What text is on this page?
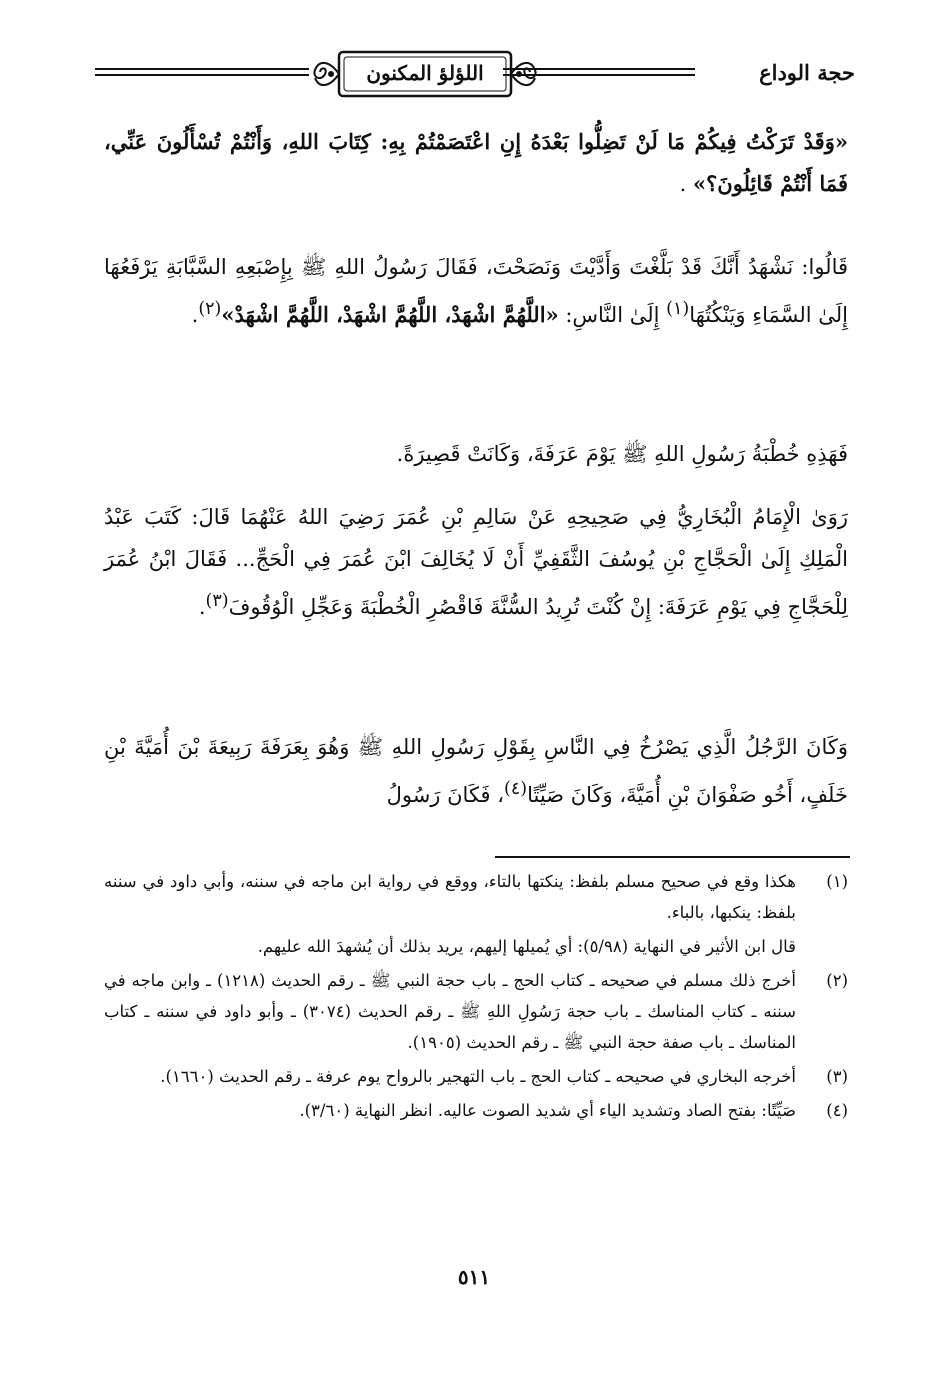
حجة الوداع
اللؤلؤ المكنون

«وَقَدْ تَرَكْتُ فِيكُمْ مَا لَنْ تَضِلُّوا بَعْدَهُ إِنِ اعْتَصَمْتُمْ بِهِ: كِتَابَ اللهِ، وَأَنْتُمْ تُسْأَلُونَ عَنِّي، فَمَا أَنْتُمْ قَائِلُونَ؟» .

قَالُوا: نَشْهَدُ أَنَّكَ قَدْ بَلَّغْتَ وَأَدَّيْتَ وَنَصَحْتَ، فَقَالَ رَسُولُ اللهِ ﷺ بِإِصْبَعِهِ السَّبَّابَةِ يَرْفَعُهَا إِلَىٰ السَّمَاءِ وَيَنْكُتُهَا$^{(١)}$ إِلَىٰ النَّاسِ: «اللَّهُمَّ اشْهَدْ، اللَّهُمَّ اشْهَدْ، اللَّهُمَّ اشْهَدْ»$^{(٢)}$.

فَهَذِهِ خُطْبَةُ رَسُولِ اللهِ ﷺ يَوْمَ عَرَفَةَ، وَكَانَتْ قَصِيرَةً.

رَوَىٰ الْإِمَامُ الْبُخَارِيُّ فِي صَحِيحِهِ عَنْ سَالِمِ بْنِ عُمَرَ رَضِيَ اللهُ عَنْهُمَا قَالَ: كَتَبَ عَبْدُ الْمَلِكِ إِلَىٰ الْحَجَّاجِ بْنِ يُوسُفَ الثَّقَفِيِّ أَنْ لَا يُخَالِفَ ابْنَ عُمَرَ فِي الْحَجِّ... فَقَالَ ابْنُ عُمَرَ لِلْحَجَّاجِ فِي يَوْمِ عَرَفَةَ: إِنْ كُنْتَ تُرِيدُ السُّنَّةَ فَاقْصُرِ الْخُطْبَةَ وَعَجِّلِ الْوُقُوفَ$^{(٣)}$.

وَكَانَ الرَّجُلُ الَّذِي يَصْرُخُ فِي النَّاسِ بِقَوْلِ رَسُولِ اللهِ ﷺ وَهُوَ بِعَرَفَةَ رَبِيعَةَ بْنَ أُمَيَّةَ بْنِ خَلَفٍ، أَخُو صَفْوَانَ بْنِ أُمَيَّةَ، وَكَانَ صَيِّتًا$^{(٤)}$، فَكَانَ رَسُولُ

(١)
هكذا وقع في صحيح مسلم بلفظ: ينكتها بالتاء، ووقع في رواية ابن ماجه في سننه، وأبي داود في سننه بلفظ: ينكبها، بالباء.
قال ابن الأثير في النهاية (٥/٩٨): أي يُميلها إليهم، يريد بذلك أن يُشهدَ الله عليهم.
(٢)
أخرج ذلك مسلم في صحيحه ـ كتاب الحج ـ باب حجة النبي ﷺ ـ رقم الحديث (١٢١٨) ـ وابن ماجه في سننه ـ كتاب المناسك ـ باب حجة رَسُولِ اللهِ ﷺ ـ رقم الحديث (٣٠٧٤) ـ وأبو داود في سننه ـ كتاب المناسك ـ باب صفة حجة النبي ﷺ ـ رقم الحديث (١٩٠٥).
(٣)
أخرجه البخاري في صحيحه ـ كتاب الحج ـ باب التهجير بالرواح يوم عرفة ـ رقم الحديث (١٦٦٠).
(٤)
صَيِّتًا: بفتح الصاد وتشديد الياء أي شديد الصوت عاليه. انظر النهاية (٣/٦٠).
٥١١
